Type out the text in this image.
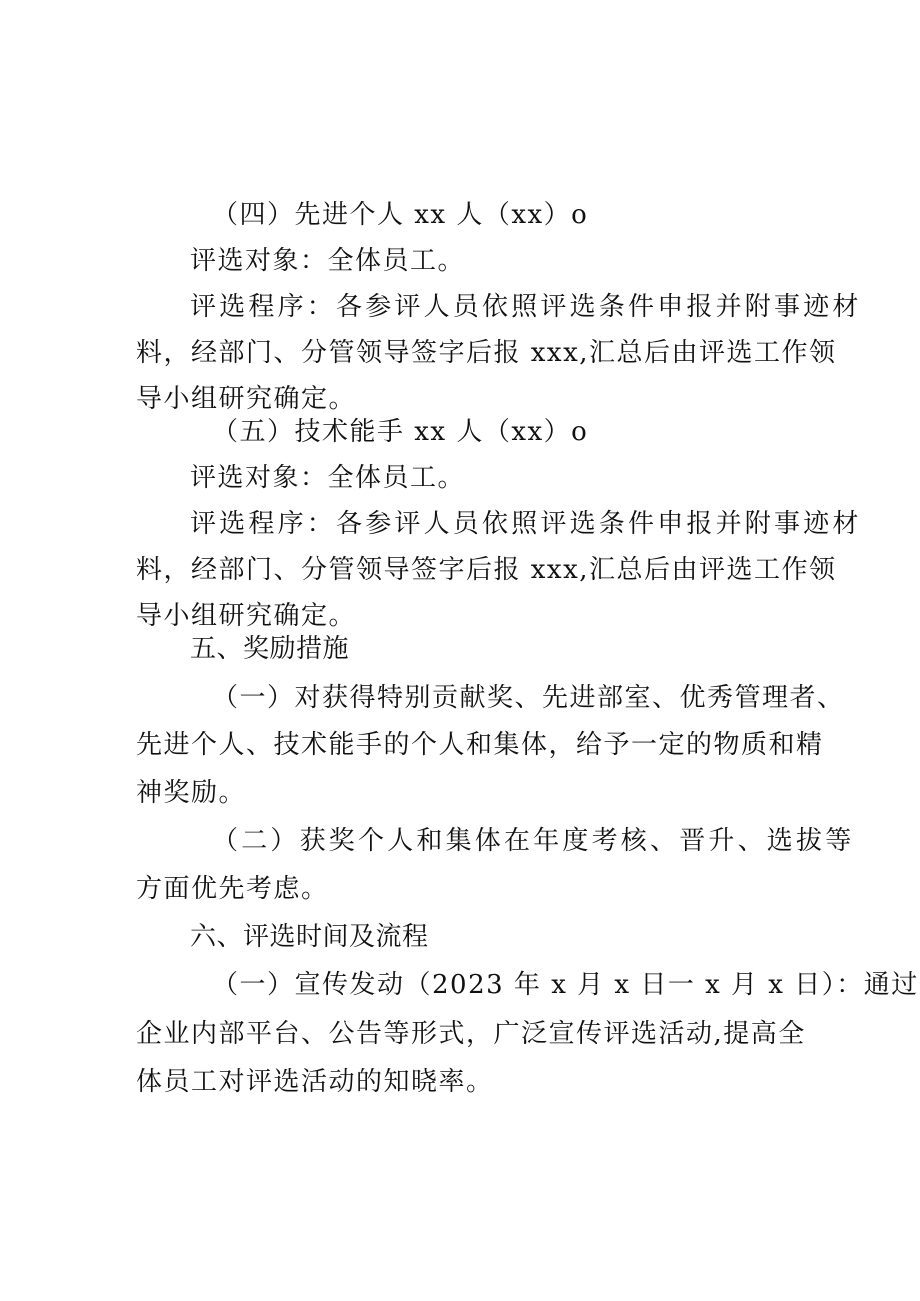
（四）先进个人 xx 人（xx）o
评选对象：全体员工。
评选程序：各参评人员依照评选条件申报并附事迹材
料，经部门、分管领导签字后报 xxx,汇总后由评选工作领
导小组研究确定。
（五）技术能手 xx 人（xx）o
评选对象：全体员工。
评选程序：各参评人员依照评选条件申报并附事迹材
料，经部门、分管领导签字后报 xxx,汇总后由评选工作领
导小组研究确定。
五、奖励措施
（一）对获得特别贡献奖、先进部室、优秀管理者、
先进个人、技术能手的个人和集体，给予一定的物质和精
神奖励。
（二）获奖个人和集体在年度考核、晋升、选拔等
方面优先考虑。
六、评选时间及流程
（一）宣传发动（2023 年 x 月 x 日一 x 月 x 日）：通过
企业内部平台、公告等形式，广泛宣传评选活动,提高全
体员工对评选活动的知晓率。
